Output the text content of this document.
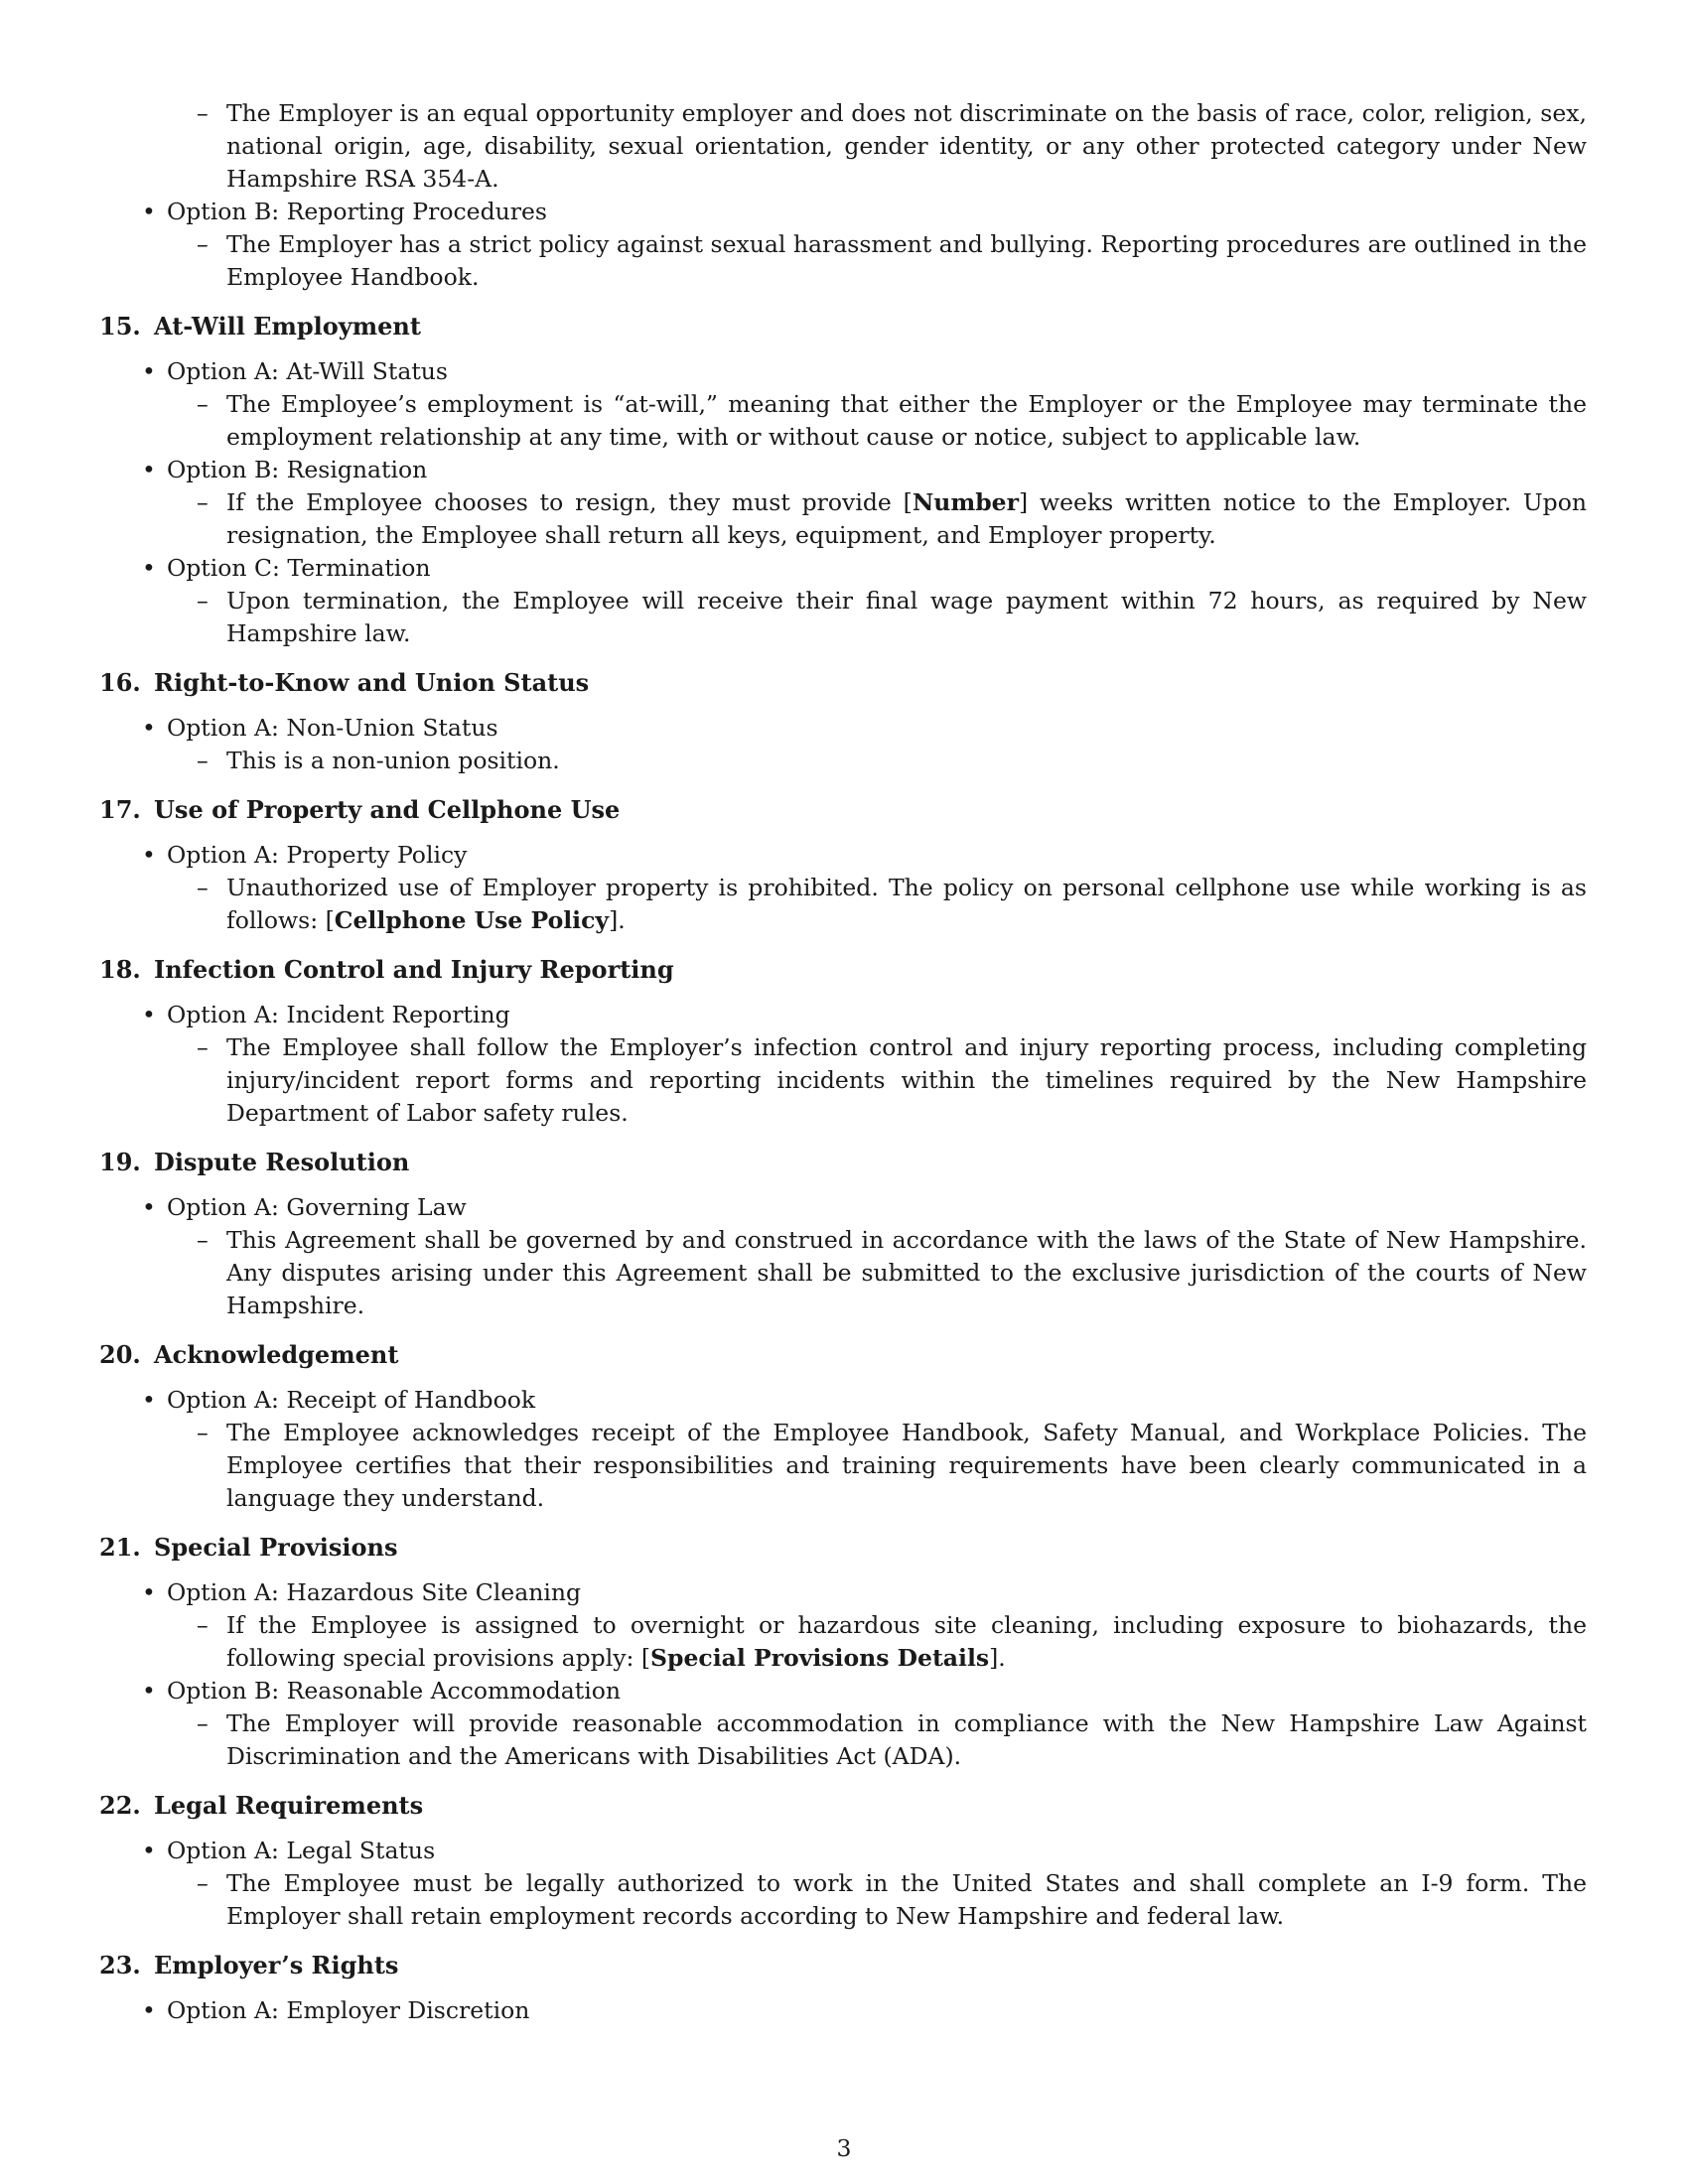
– The Employer is an equal opportunity employer and does not discriminate on the basis of race, color, religion, sex, national origin, age, disability, sexual orientation, gender identity, or any other protected category under New Hampshire RSA 354-A.
• Option B: Reporting Procedures
– The Employer has a strict policy against sexual harassment and bullying. Reporting procedures are outlined in the Employee Handbook.
15. At-Will Employment
• Option A: At-Will Status
– The Employee’s employment is “at-will,” meaning that either the Employer or the Employee may terminate the employment relationship at any time, with or without cause or notice, subject to applicable law.
• Option B: Resignation
– If the Employee chooses to resign, they must provide [Number] weeks written notice to the Employer. Upon resignation, the Employee shall return all keys, equipment, and Employer property.
• Option C: Termination
– Upon termination, the Employee will receive their final wage payment within 72 hours, as required by New Hampshire law.
16. Right-to-Know and Union Status
• Option A: Non-Union Status
– This is a non-union position.
17. Use of Property and Cellphone Use
• Option A: Property Policy
– Unauthorized use of Employer property is prohibited. The policy on personal cellphone use while working is as follows: [Cellphone Use Policy].
18. Infection Control and Injury Reporting
• Option A: Incident Reporting
– The Employee shall follow the Employer’s infection control and injury reporting process, including completing injury/incident report forms and reporting incidents within the timelines required by the New Hampshire Department of Labor safety rules.
19. Dispute Resolution
• Option A: Governing Law
– This Agreement shall be governed by and construed in accordance with the laws of the State of New Hampshire. Any disputes arising under this Agreement shall be submitted to the exclusive jurisdiction of the courts of New Hampshire.
20. Acknowledgement
• Option A: Receipt of Handbook
– The Employee acknowledges receipt of the Employee Handbook, Safety Manual, and Workplace Policies. The Employee certifies that their responsibilities and training requirements have been clearly communicated in a language they understand.
21. Special Provisions
• Option A: Hazardous Site Cleaning
– If the Employee is assigned to overnight or hazardous site cleaning, including exposure to biohazards, the following special provisions apply: [Special Provisions Details].
• Option B: Reasonable Accommodation
– The Employer will provide reasonable accommodation in compliance with the New Hampshire Law Against Discrimination and the Americans with Disabilities Act (ADA).
22. Legal Requirements
• Option A: Legal Status
– The Employee must be legally authorized to work in the United States and shall complete an I-9 form. The Employer shall retain employment records according to New Hampshire and federal law.
23. Employer’s Rights
• Option A: Employer Discretion
3
